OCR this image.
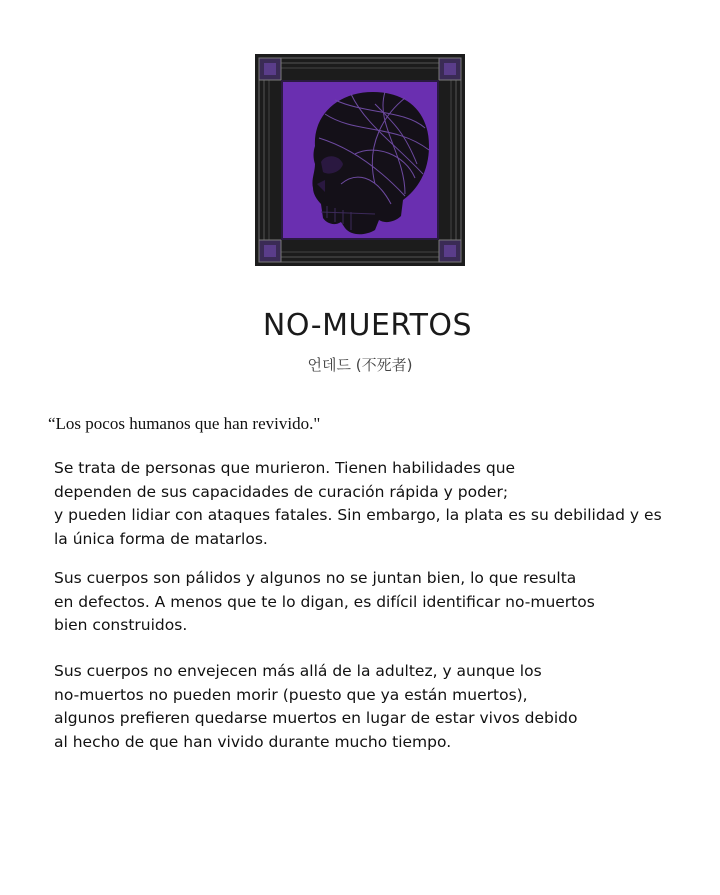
NO-MUERTOS

언데드 (不死者)

“Los pocos humanos que han revivido."

Se trata de personas que murieron. Tienen habilidades que
dependen de sus capacidades de curación rápida y poder;
y pueden lidiar con ataques fatales. Sin embargo, la plata es su debilidad y es
la única forma de matarlos.
Sus cuerpos son pálidos y algunos no se juntan bien, lo que resulta
en defectos. A menos que te lo digan, es difícil identificar no-muertos
bien construidos.
Sus cuerpos no envejecen más allá de la adultez, y aunque los
no-muertos no pueden morir (puesto que ya están muertos),
algunos prefieren quedarse muertos en lugar de estar vivos debido
al hecho de que han vivido durante mucho tiempo.
